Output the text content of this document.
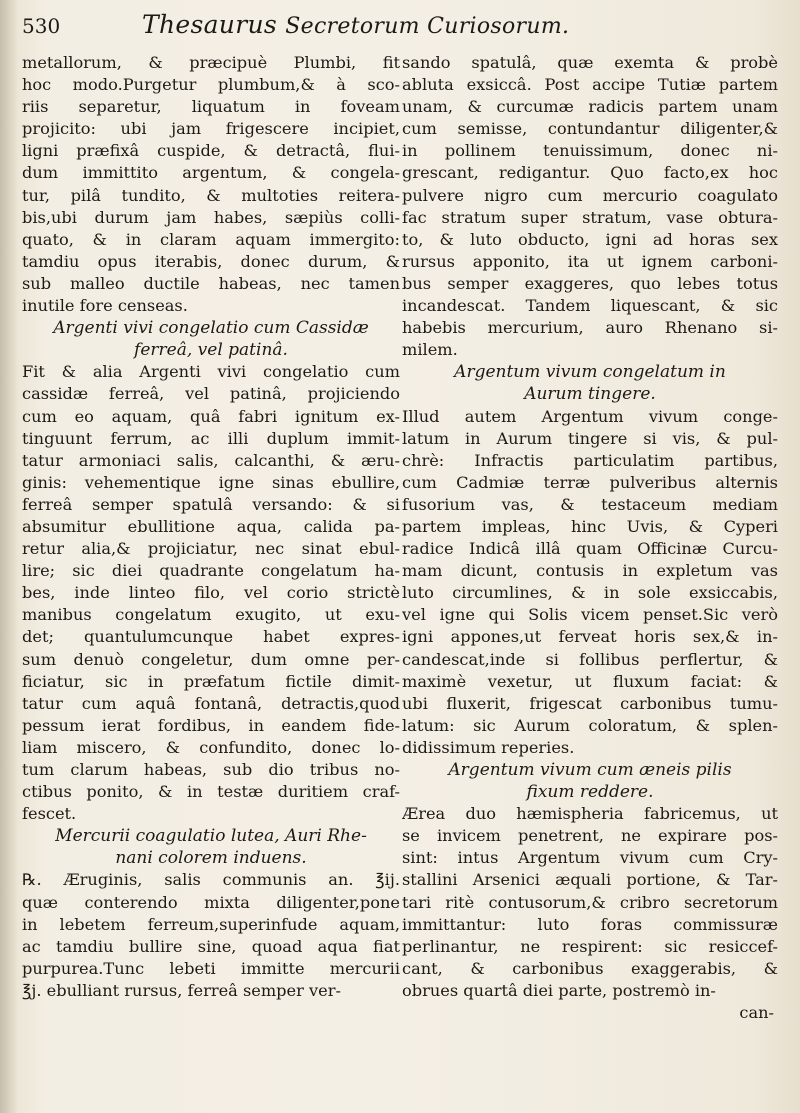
530	Thesaurus Secretorum Curiosorum.
metallorum, & præcipuè Plumbi, fit
hoc modo.Purgetur plumbum,& à sco-
riis separetur, liquatum in foveam
projicito: ubi jam frigescere incipiet,
ligni præfixâ cuspide, & detractâ, flui-
dum immittito argentum, & congela-
tur, pilâ tundito, & multoties reitera-
bis,ubi durum jam habes, sæpiùs colli-
quato, & in claram aquam immergito:
tamdiu opus iterabis, donec durum, &
sub malleo ductile habeas, nec tamen
inutile fore censeas.
Argenti vivi congelatio cum Cassidæ
ferreâ, vel patinâ.
Fit & alia Argenti vivi congelatio cum
cassidæ ferreâ, vel patinâ, projiciendo
cum eo aquam, quâ fabri ignitum ex-
tinguunt ferrum, ac illi duplum immit-
tatur armoniaci salis, calcanthi, & æru-
ginis: vehementique igne sinas ebullire,
ferreâ semper spatulâ versando: & si
absumitur ebullitione aqua, calida pa-
retur alia,& projiciatur, nec sinat ebul-
lire; sic diei quadrante congelatum ha-
bes, inde linteo filo, vel corio strictè
manibus congelatum exugito, ut exu-
det; quantulumcunque habet expres-
sum denuò congeletur, dum omne per-
ficiatur, sic in præfatum fictile dimit-
tatur cum aquâ fontanâ, detractis,quod
pessum ierat fordibus, in eandem fide-
liam miscero, & confundito, donec lo-
tum clarum habeas, sub dio tribus no-
ctibus ponito, & in testæ duritiem craf-
fescet.
Mercurii coagulatio lutea, Auri Rhe-
nani colorem induens.
℞. Æruginis, salis communis an. ℥ij.
quæ conterendo mixta diligenter,pone
in lebetem ferreum,superinfude aquam,
ac tamdiu bullire sine, quoad aqua fiat
purpurea.Tunc lebeti immitte mercurii
℥j. ebulliant rursus, ferreâ semper ver-
sando spatulâ, quæ exemta & probè
abluta exsiccâ. Post accipe Tutiæ partem
unam, & curcumæ radicis partem unam
cum semisse, contundantur diligenter,&
in pollinem tenuissimum, donec ni-
grescant, redigantur. Quo facto,ex hoc
pulvere nigro cum mercurio coagulato
fac stratum super stratum, vase obtura-
to, & luto obducto, igni ad horas sex
rursus apponito, ita ut ignem carboni-
bus semper exaggeres, quo lebes totus
incandescat. Tandem liquescant, & sic
habebis mercurium, auro Rhenano si-
milem.
Argentum vivum congelatum in
Aurum tingere.
Illud autem Argentum vivum conge-
latum in Aurum tingere si vis, & pul-
chrè: Infractis particulatim partibus,
cum Cadmiæ terræ pulveribus alternis
fusorium vas, & testaceum mediam
partem impleas, hinc Uvis, & Cyperi
radice Indicâ illâ quam Officinæ Curcu-
mam dicunt, contusis in expletum vas
luto circumlines, & in sole exsiccabis,
vel igne qui Solis vicem penset.Sic verò
igni appones,ut ferveat horis sex,& in-
candescat,inde si follibus perflertur, &
maximè vexetur, ut fluxum faciat: &
ubi fluxerit, frigescat carbonibus tumu-
latum: sic Aurum coloratum, & splen-
didissimum reperies.
Argentum vivum cum æneis pilis
fixum reddere.
Ærea duo hæmispheria fabricemus, ut
se invicem penetrent, ne expirare pos-
sint: intus Argentum vivum cum Cry-
stallini Arsenici æquali portione, & Tar-
tari ritè contusorum,& cribro secretorum
immittantur: luto foras commissuræ
perlinantur, ne respirent: sic resiccef-
cant, & carbonibus exaggerabis, &
obrues quartâ diei parte, postremò in-
can-
